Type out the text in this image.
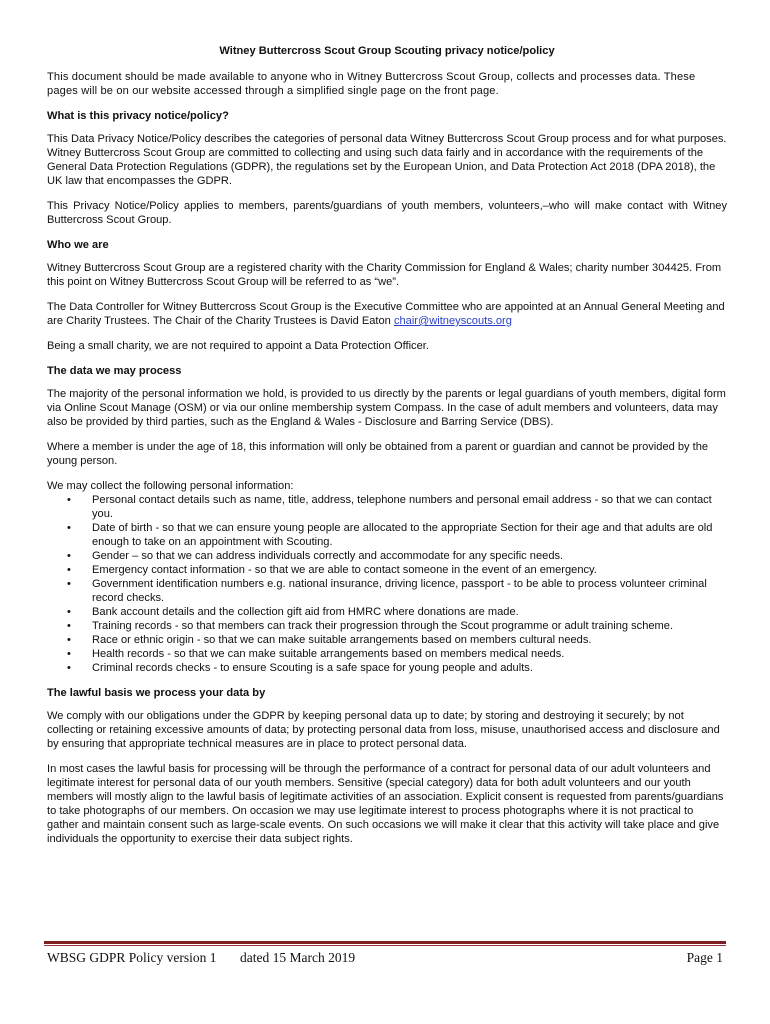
Witney Buttercross Scout Group Scouting privacy notice/policy

This document should be made available to anyone who in Witney Buttercross Scout Group, collects and processes data. These pages will be on our website accessed through a simplified single page on the front page.

What is this privacy notice/policy?

This Data Privacy Notice/Policy describes the categories of personal data Witney Buttercross Scout Group process and for what purposes. Witney Buttercross Scout Group are committed to collecting and using such data fairly and in accordance with the requirements of the General Data Protection Regulations (GDPR), the regulations set by the European Union, and Data Protection Act 2018 (DPA 2018), the UK law that encompasses the GDPR.

This Privacy Notice/Policy applies to members, parents/guardians of youth members, volunteers,–who will make contact with Witney Buttercross Scout Group.

Who we are

Witney Buttercross Scout Group are a registered charity with the Charity Commission for England & Wales; charity number 304425. From this point on Witney Buttercross Scout Group will be referred to as “we”.

The Data Controller for Witney Buttercross Scout Group is the Executive Committee who are appointed at an Annual General Meeting and are Charity Trustees. The Chair of the Charity Trustees is David Eaton chair@witneyscouts.org

Being a small charity, we are not required to appoint a Data Protection Officer.

The data we may process

The majority of the personal information we hold, is provided to us directly by the parents or legal guardians of youth members, digital form via Online Scout Manage (OSM) or via our online membership system Compass. In the case of adult members and volunteers, data may also be provided by third parties, such as the England & Wales - Disclosure and Barring Service (DBS).

Where a member is under the age of 18, this information will only be obtained from a parent or guardian and cannot be provided by the young person.

We may collect the following personal information:
• Personal contact details such as name, title, address, telephone numbers and personal email address - so that we can contact you.
• Date of birth - so that we can ensure young people are allocated to the appropriate Section for their age and that adults are old enough to take on an appointment with Scouting.
• Gender – so that we can address individuals correctly and accommodate for any specific needs.
• Emergency contact information - so that we are able to contact someone in the event of an emergency.
• Government identification numbers e.g. national insurance, driving licence, passport - to be able to process volunteer criminal record checks.
• Bank account details and the collection gift aid from HMRC where donations are made.
• Training records - so that members can track their progression through the Scout programme or adult training scheme.
• Race or ethnic origin - so that we can make suitable arrangements based on members cultural needs.
• Health records - so that we can make suitable arrangements based on members medical needs.
• Criminal records checks - to ensure Scouting is a safe space for young people and adults.
The lawful basis we process your data by

We comply with our obligations under the GDPR by keeping personal data up to date; by storing and destroying it securely; by not collecting or retaining excessive amounts of data; by protecting personal data from loss, misuse, unauthorised access and disclosure and by ensuring that appropriate technical measures are in place to protect personal data.

In most cases the lawful basis for processing will be through the performance of a contract for personal data of our adult volunteers and legitimate interest for personal data of our youth members. Sensitive (special category) data for both adult volunteers and our youth members will mostly align to the lawful basis of legitimate activities of an association. Explicit consent is requested from parents/guardians to take photographs of our members. On occasion we may use legitimate interest to process photographs where it is not practical to gather and maintain consent such as large-scale events. On such occasions we will make it clear that this activity will take place and give individuals the opportunity to exercise their data subject rights.

WBSG GDPR Policy version 1 dated 15 March 2019	Page 1
